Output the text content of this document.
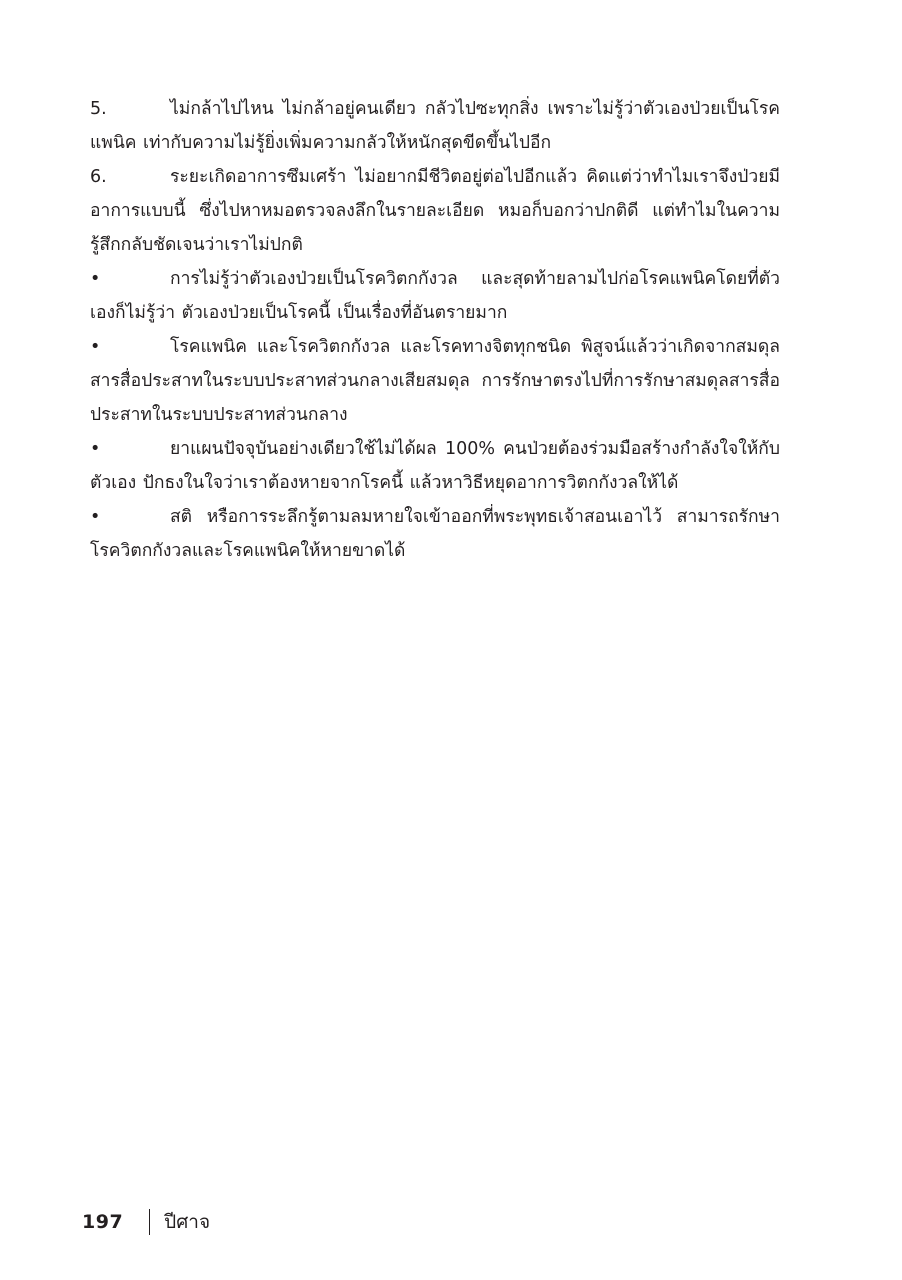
5.	ไม่กล้าไปไหน ไม่กล้าอยู่คนเดียว กลัวไปซะทุกสิ่ง เพราะไม่รู้ว่าตัวเองป่วยเป็นโรคแพนิค เท่ากับความไม่รู้ยิ่งเพิ่มความกลัวให้หนักสุดขีดขึ้นไปอีก

6.	ระยะเกิดอาการซึมเศร้า ไม่อยากมีชีวิตอยู่ต่อไปอีกแล้ว คิดแต่ว่าทำไมเราจึงป่วยมีอาการแบบนี้ ซึ่งไปหาหมอตรวจลงลึกในรายละเอียด หมอก็บอกว่าปกติดี แต่ทำไมในความรู้สึกกลับชัดเจนว่าเราไม่ปกติ

•	การไม่รู้ว่าตัวเองป่วยเป็นโรควิตกกังวล และสุดท้ายลามไปก่อโรคแพนิคโดยที่ตัวเองก็ไม่รู้ว่า ตัวเองป่วยเป็นโรคนี้ เป็นเรื่องที่อันตรายมาก

•	โรคแพนิค และโรควิตกกังวล และโรคทางจิตทุกชนิด พิสูจน์แล้วว่าเกิดจากสมดุลสารสื่อประสาทในระบบประสาทส่วนกลางเสียสมดุล การรักษาตรงไปที่การรักษาสมดุลสารสื่อประสาทในระบบประสาทส่วนกลาง

•	ยาแผนปัจจุบันอย่างเดียวใช้ไม่ได้ผล 100% คนป่วยต้องร่วมมือสร้างกำลังใจให้กับตัวเอง ปักธงในใจว่าเราต้องหายจากโรคนี้ แล้วหาวิธีหยุดอาการวิตกกังวลให้ได้

•	สติ หรือการระลึกรู้ตามลมหายใจเข้าออกที่พระพุทธเจ้าสอนเอาไว้ สามารถรักษาโรควิตกกังวลและโรคแพนิคให้หายขาดได้

197 ปีศาจ
